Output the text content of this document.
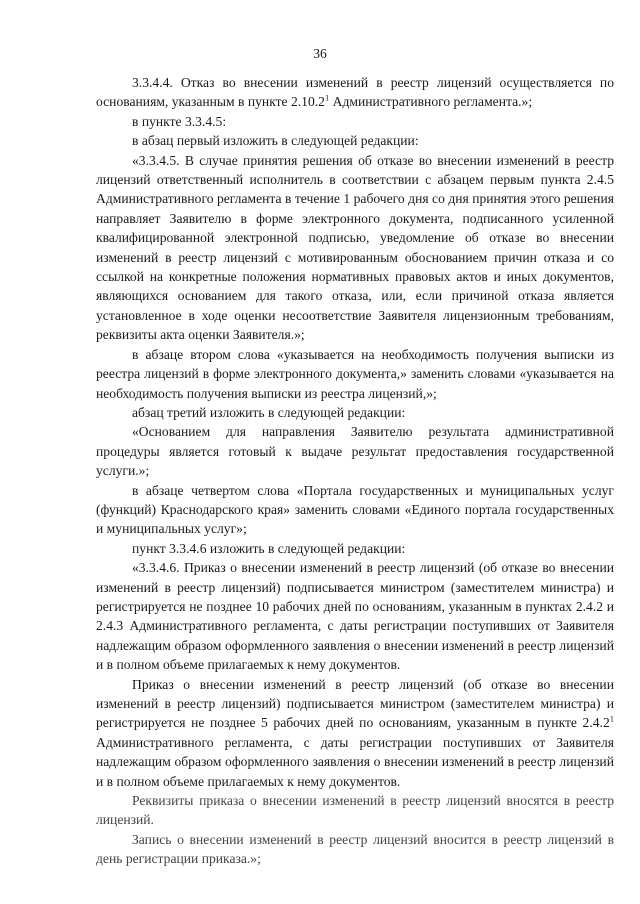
36

3.3.4.4. Отказ во внесении изменений в реестр лицензий осуществляется по основаниям, указанным в пункте 2.10.2$^1$ Административного регламента.»;

в пункте 3.3.4.5:

в абзац первый изложить в следующей редакции:

«3.3.4.5. В случае принятия решения об отказе во внесении изменений в реестр лицензий ответственный исполнитель в соответствии с абзацем первым пункта 2.4.5 Административного регламента в течение 1 рабочего дня со дня принятия этого решения направляет Заявителю в форме электронного документа, подписанного усиленной квалифицированной электронной подписью, уведомление об отказе во внесении изменений в реестр лицензий с мотивированным обоснованием причин отказа и со ссылкой на конкретные положения нормативных правовых актов и иных документов, являющихся основанием для такого отказа, или, если причиной отказа является установленное в ходе оценки несоответствие Заявителя лицензионным требованиям, реквизиты акта оценки Заявителя.»;

в абзаце втором слова «указывается на необходимость получения выписки из реестра лицензий в форме электронного документа,» заменить словами «указывается на необходимость получения выписки из реестра лицензий,»;

абзац третий изложить в следующей редакции:

«Основанием для направления Заявителю результата административной процедуры является готовый к выдаче результат предоставления государственной услуги.»;

в абзаце четвертом слова «Портала государственных и муниципальных услуг (функций) Краснодарского края» заменить словами «Единого портала государственных и муниципальных услуг»;

пункт 3.3.4.6 изложить в следующей редакции:

«3.3.4.6. Приказ о внесении изменений в реестр лицензий (об отказе во внесении изменений в реестр лицензий) подписывается министром (заместителем министра) и регистрируется не позднее 10 рабочих дней по основаниям, указанным в пунктах 2.4.2 и 2.4.3 Административного регламента, с даты регистрации поступивших от Заявителя надлежащим образом оформленного заявления о внесении изменений в реестр лицензий и в полном объеме прилагаемых к нему документов.

Приказ о внесении изменений в реестр лицензий (об отказе во внесении изменений в реестр лицензий) подписывается министром (заместителем министра) и регистрируется не позднее 5 рабочих дней по основаниям, указанным в пункте 2.4.2$^1$ Административного регламента, с даты регистрации поступивших от Заявителя надлежащим образом оформленного заявления о внесении изменений в реестр лицензий и в полном объеме прилагаемых к нему документов.

Реквизиты приказа о внесении изменений в реестр лицензий вносятся в реестр лицензий.

Запись о внесении изменений в реестр лицензий вносится в реестр лицензий в день регистрации приказа.»;
